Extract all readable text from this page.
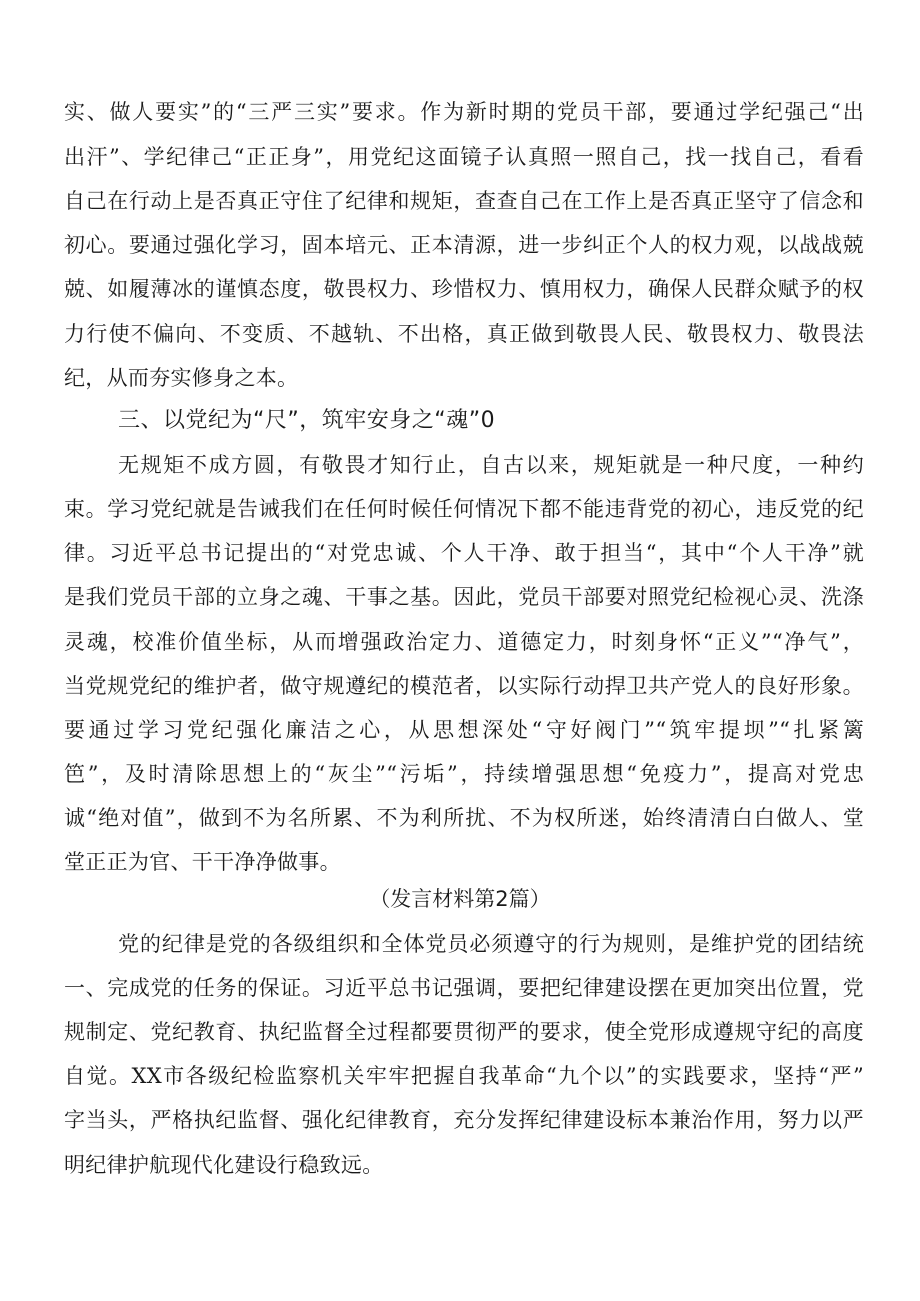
实、做人要实”的“三严三实”要求。作为新时期的党员干部，要通过学纪强己“出
出汗”、学纪律己“正正身”，用党纪这面镜子认真照一照自己，找一找自己，看看
自己在行动上是否真正守住了纪律和规矩，查查自己在工作上是否真正坚守了信念和
初心。要通过强化学习，固本培元、正本清源，进一步纠正个人的权力观，以战战兢
兢、如履薄冰的谨慎态度，敬畏权力、珍惜权力、慎用权力，确保人民群众赋予的权
力行使不偏向、不变质、不越轨、不出格，真正做到敬畏人民、敬畏权力、敬畏法
纪，从而夯实修身之本。
三、以党纪为“尺”，筑牢安身之“魂”0
无规矩不成方圆，有敬畏才知行止，自古以来，规矩就是一种尺度，一种约
束。学习党纪就是告诫我们在任何时候任何情况下都不能违背党的初心，违反党的纪
律。习近平总书记提出的“对党忠诚、个人干净、敢于担当“，其中“个人干净”就
是我们党员干部的立身之魂、干事之基。因此，党员干部要对照党纪检视心灵、洗涤
灵魂，校准价值坐标，从而增强政治定力、道德定力，时刻身怀“正义”“净气”，
当党规党纪的维护者，做守规遵纪的模范者，以实际行动捍卫共产党人的良好形象。
要通过学习党纪强化廉洁之心，从思想深处“守好阀门”“筑牢提坝”“扎紧篱
笆”，及时清除思想上的“灰尘”“污垢”，持续增强思想“免疫力”，提高对党忠
诚“绝对值”，做到不为名所累、不为利所扰、不为权所迷，始终清清白白做人、堂
堂正正为官、干干净净做事。
（发言材料第2篇）
党的纪律是党的各级组织和全体党员必须遵守的行为规则，是维护党的团结统
一、完成党的任务的保证。习近平总书记强调，要把纪律建设摆在更加突出位置，党
规制定、党纪教育、执纪监督全过程都要贯彻严的要求，使全党形成遵规守纪的高度
自觉。XX市各级纪检监察机关牢牢把握自我革命“九个以”的实践要求，坚持“严”
字当头，严格执纪监督、强化纪律教育，充分发挥纪律建设标本兼治作用，努力以严
明纪律护航现代化建设行稳致远。
